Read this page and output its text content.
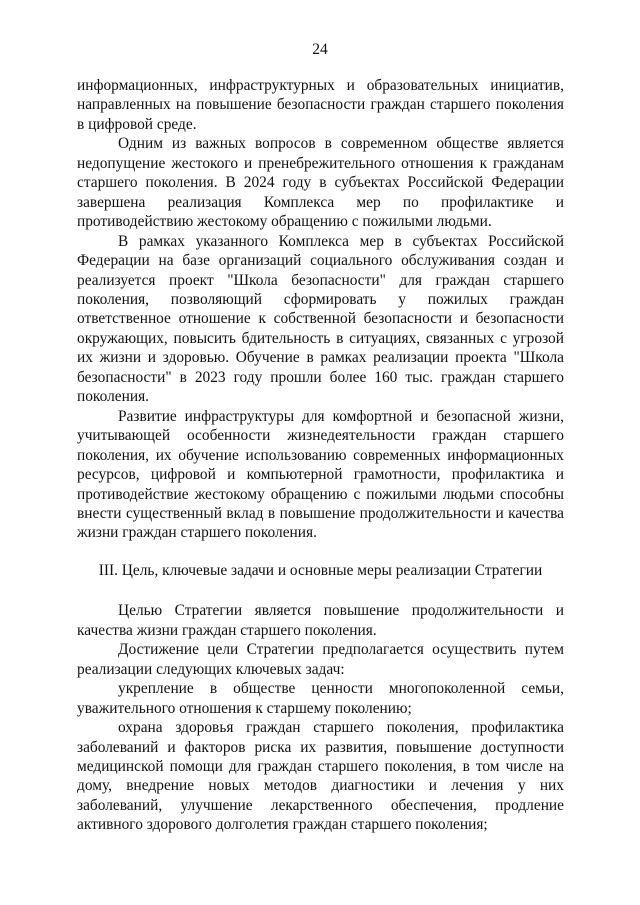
24

информационных, инфраструктурных и образовательных инициатив, направленных на повышение безопасности граждан старшего поколения в цифровой среде.

Одним из важных вопросов в современном обществе является недопущение жестокого и пренебрежительного отношения к гражданам старшего поколения. В 2024 году в субъектах Российской Федерации завершена реализация Комплекса мер по профилактике и противодействию жестокому обращению с пожилыми людьми.

В рамках указанного Комплекса мер в субъектах Российской Федерации на базе организаций социального обслуживания создан и реализуется проект "Школа безопасности" для граждан старшего поколения, позволяющий сформировать у пожилых граждан ответственное отношение к собственной безопасности и безопасности окружающих, повысить бдительность в ситуациях, связанных с угрозой их жизни и здоровью. Обучение в рамках реализации проекта "Школа безопасности" в 2023 году прошли более 160 тыс. граждан старшего поколения.

Развитие инфраструктуры для комфортной и безопасной жизни, учитывающей особенности жизнедеятельности граждан старшего поколения, их обучение использованию современных информационных ресурсов, цифровой и компьютерной грамотности, профилактика и противодействие жестокому обращению с пожилыми людьми способны внести существенный вклад в повышение продолжительности и качества жизни граждан старшего поколения.

III. Цель, ключевые задачи и основные меры реализации Стратегии

Целью Стратегии является повышение продолжительности и качества жизни граждан старшего поколения.

Достижение цели Стратегии предполагается осуществить путем реализации следующих ключевых задач:

укрепление в обществе ценности многопоколенной семьи, уважительного отношения к старшему поколению;

охрана здоровья граждан старшего поколения, профилактика заболеваний и факторов риска их развития, повышение доступности медицинской помощи для граждан старшего поколения, в том числе на дому, внедрение новых методов диагностики и лечения у них заболеваний, улучшение лекарственного обеспечения, продление активного здорового долголетия граждан старшего поколения;
